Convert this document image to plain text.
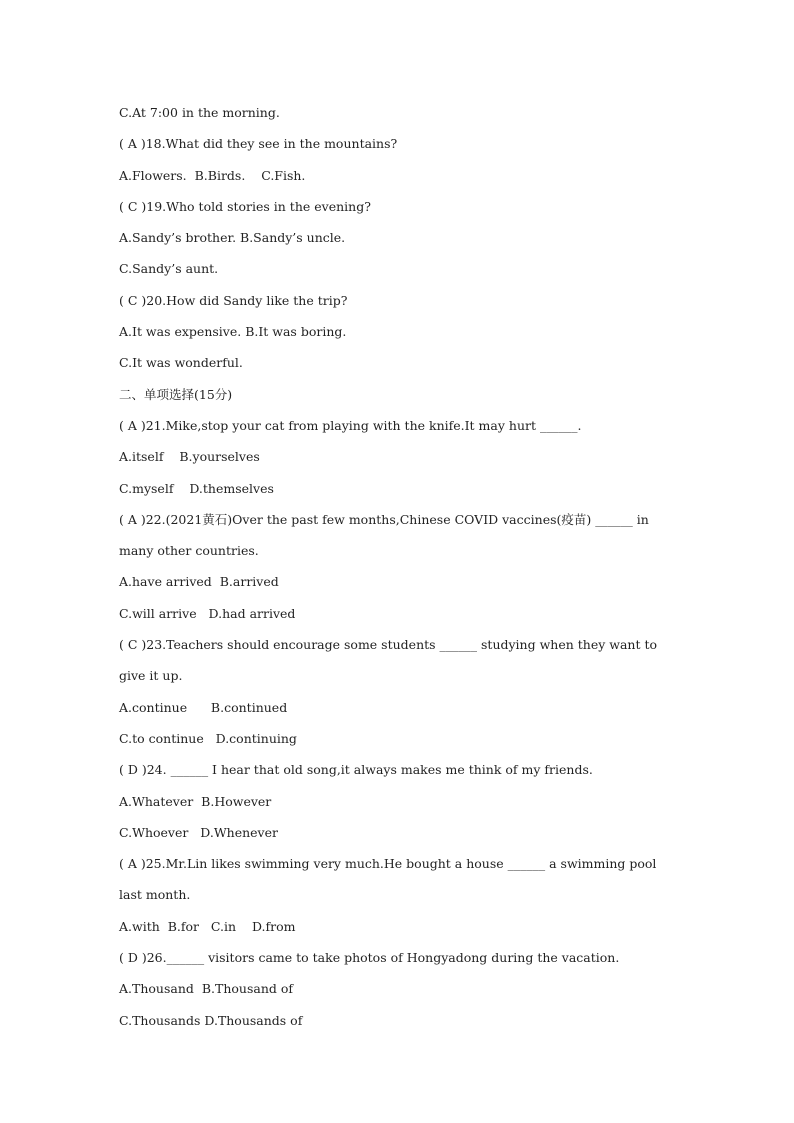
C.At 7:00 in the morning.
( A )18.What did they see in the mountains?
A.Flowers.  B.Birds.    C.Fish.
( C )19.Who told stories in the evening?
A.Sandy’s brother. B.Sandy’s uncle.
C.Sandy’s aunt.
( C )20.How did Sandy like the trip?
A.It was expensive. B.It was boring.
C.It was wonderful.
二、单项选择(15分)
( A )21.Mike,stop your cat from playing with the knife.It may hurt ______.
A.itself    B.yourselves
C.myself    D.themselves
( A )22.(2021黄石)Over the past few months,Chinese COVID vaccines(疫苗) ______ in
many other countries.
A.have arrived  B.arrived
C.will arrive   D.had arrived
( C )23.Teachers should encourage some students ______ studying when they want to
give it up.
A.continue      B.continued
C.to continue   D.continuing
( D )24. ______ I hear that old song,it always makes me think of my friends.
A.Whatever  B.However
C.Whoever   D.Whenever
( A )25.Mr.Lin likes swimming very much.He bought a house ______ a swimming pool
last month.
A.with  B.for   C.in    D.from
( D )26.______ visitors came to take photos of Hongyadong during the vacation.
A.Thousand  B.Thousand of
C.Thousands D.Thousands of
